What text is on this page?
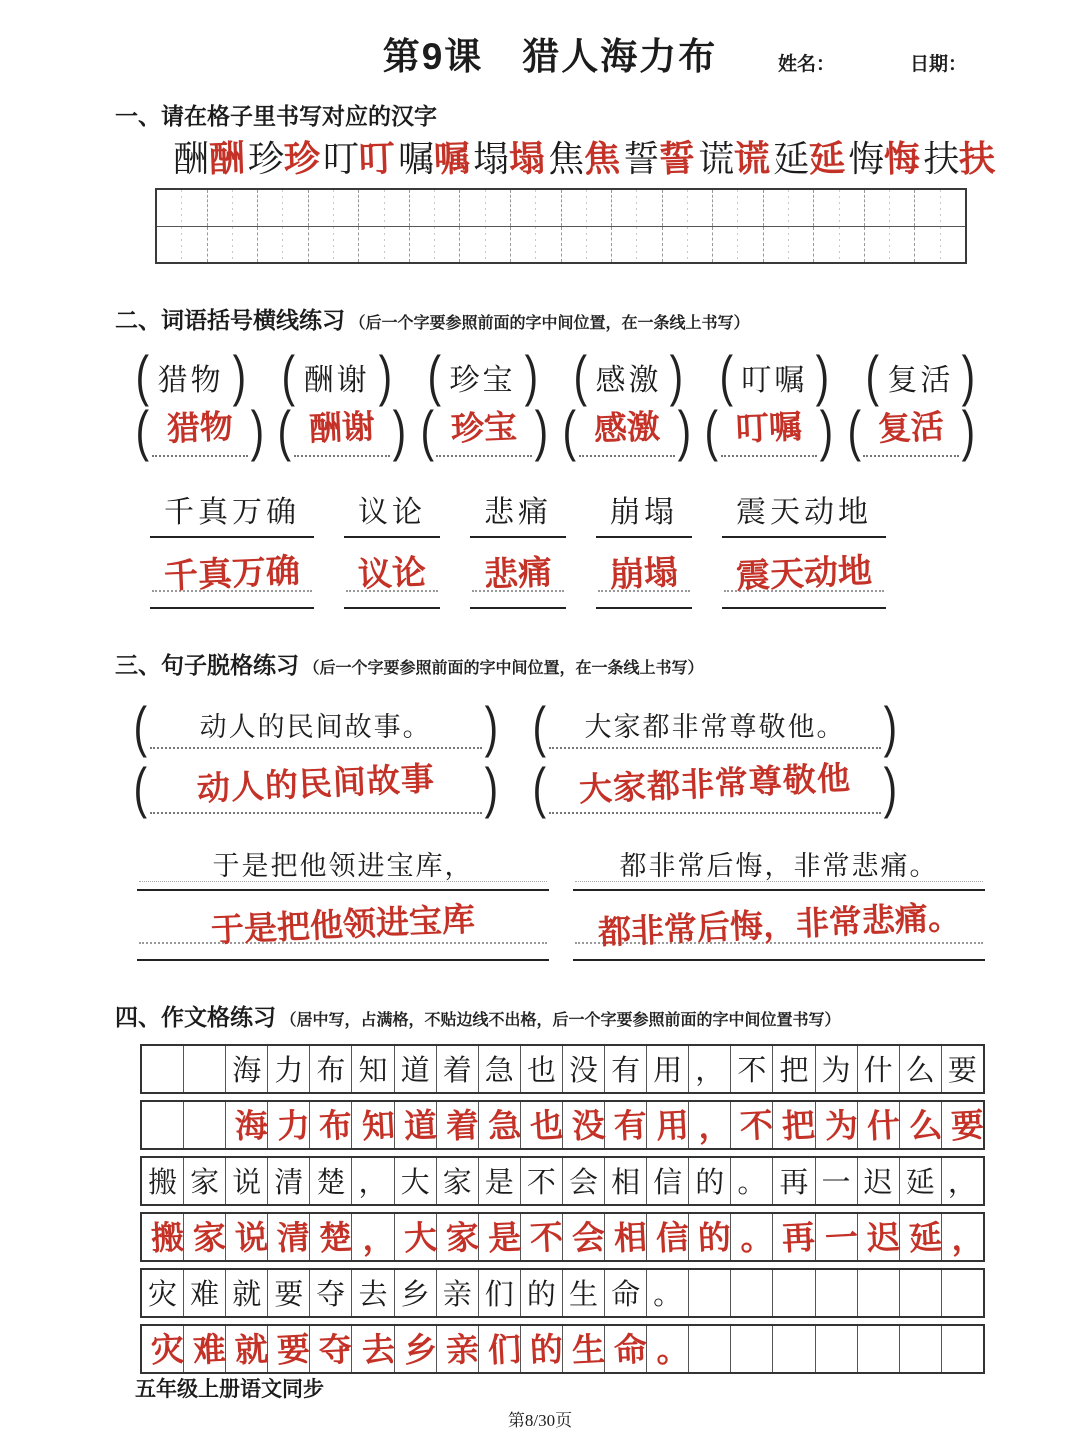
第9课　猎人海力布	姓名：	日期：
一、请在格子里书写对应的汉字
酬酬珍珍叮叮嘱嘱塌塌焦焦誓誓谎谎延延悔悔扶扶
二、词语括号横线练习 （后一个字要参照前面的字中间位置，在一条线上书写）
( 猎物 ) ( 酬谢 ) ( 珍宝 ) ( 感激 ) ( 叮嘱 ) ( 复活 )
( 猎物 ) ( 酬谢 ) ( 珍宝 ) ( 感激 ) ( 叮嘱 ) ( 复活 )
千真万确	议论	悲痛	崩塌	震天动地
千真万确	议论	悲痛	崩塌	震天动地
三、句子脱格练习 （后一个字要参照前面的字中间位置，在一条线上书写）
(	动人的民间故事。 ) (	大家都非常尊敬他。 )
(	动人的民间故事 ) ( 大家都非常尊敬他 )
于是把他领进宝库，	都非常后悔，非常悲痛。
于是把他领进宝库	都非常后悔，非常悲痛。
四、作文格练习 （居中写，占满格，不贴边线不出格，后一个字要参照前面的字中间位置书写）
海 力 布 知 道 着 急 也 没 有 用 ， 不 把 为 什 么 要
海 力 布 知 道 着 急 也 没 有 用 ， 不 把 为 什 么 要
搬 家 说 清 楚 ， 大 家 是 不 会 相 信 的 。 再 一 迟 延 ，
搬 家 说 清 楚 ， 大 家 是 不 会 相 信 的 。 再 一 迟 延 ，
灾 难 就 要 夺 去 乡 亲 们 的 生 命 。
灾 难 就 要 夺 去 乡 亲 们 的 生 命 。
五年级上册语文同步
第8/30页
